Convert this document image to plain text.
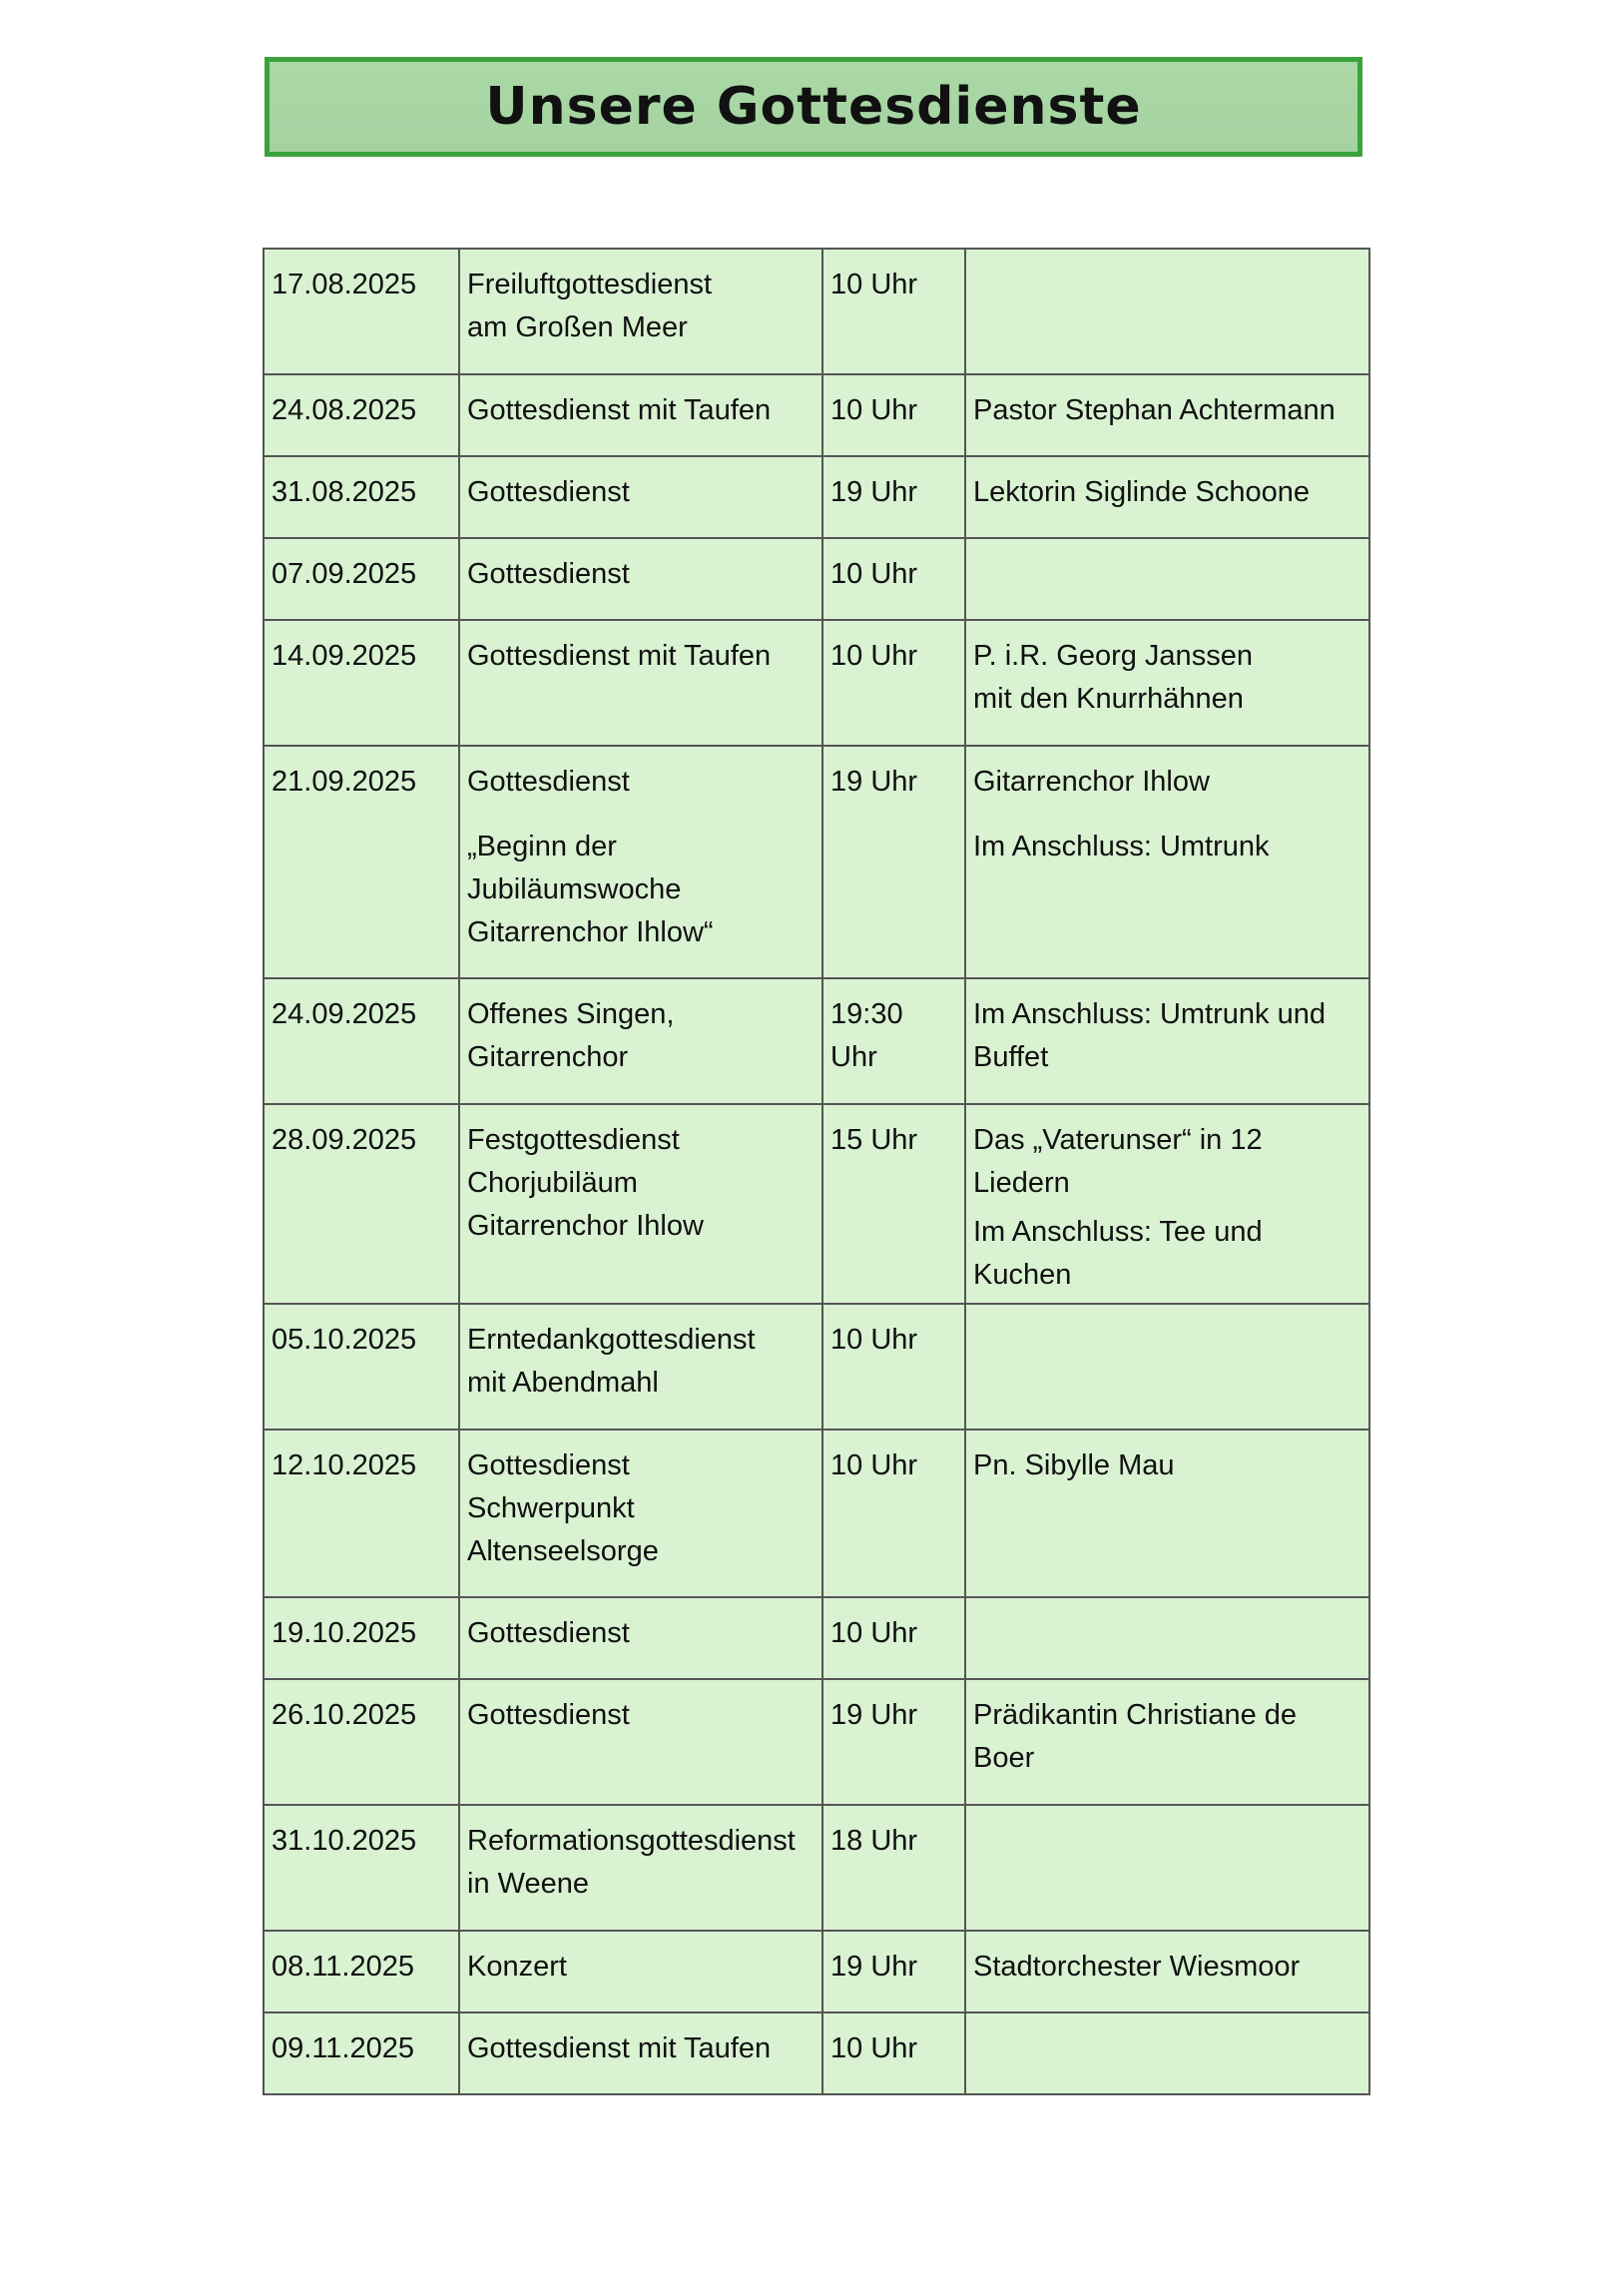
Unsere Gottesdienste
17.08.2025	Freiluftgottesdienst
am Großen Meer	10 Uhr	

24.08.2025	Gottesdienst mit Taufen	10 Uhr	Pastor Stephan Achtermann

31.08.2025	Gottesdienst	19 Uhr	Lektorin Siglinde Schoone

07.09.2025	Gottesdienst	10 Uhr	

14.09.2025	Gottesdienst mit Taufen	10 Uhr	P. i.R. Georg Janssen
mit den Knurrhähnen

21.09.2025	Gottesdienst
„Beginn der
Jubiläumswoche
Gitarrenchor Ihlow“	19 Uhr	Gitarrenchor Ihlow
Im Anschluss: Umtrunk

24.09.2025	Offenes Singen,
Gitarrenchor	19:30
Uhr	Im Anschluss: Umtrunk und
Buffet

28.09.2025	Festgottesdienst
Chorjubiläum
Gitarrenchor Ihlow	15 Uhr	Das „Vaterunser“ in 12
Liedern
Im Anschluss: Tee und
Kuchen

05.10.2025	Erntedankgottesdienst
mit Abendmahl	10 Uhr	

12.10.2025	Gottesdienst
Schwerpunkt
Altenseelsorge	10 Uhr	Pn. Sibylle Mau

19.10.2025	Gottesdienst	10 Uhr	

26.10.2025	Gottesdienst	19 Uhr	Prädikantin Christiane de
Boer

31.10.2025	Reformationsgottesdienst
in Weene	18 Uhr	

08.11.2025	Konzert	19 Uhr	Stadtorchester Wiesmoor

09.11.2025	Gottesdienst mit Taufen	10 Uhr	
